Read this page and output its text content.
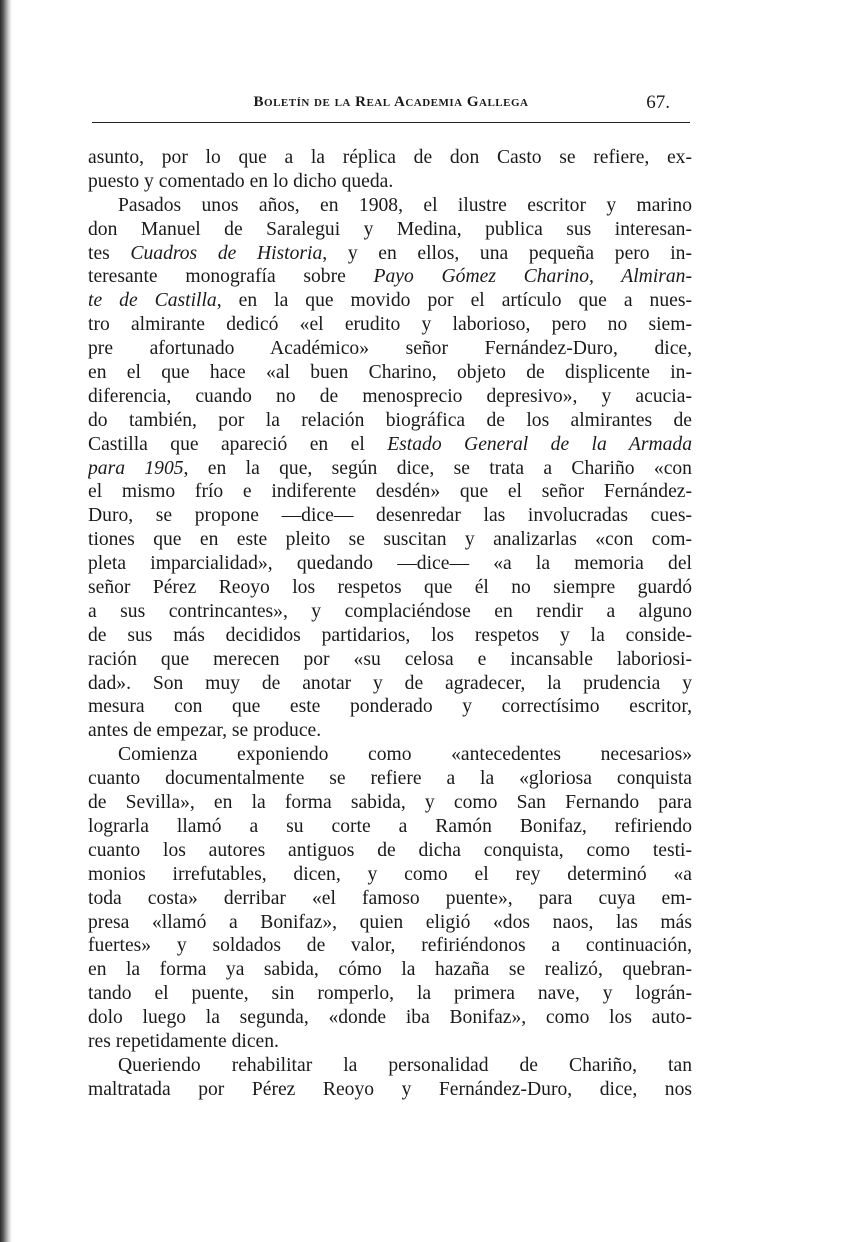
Boletín de la Real Academia Gallega	67.
asunto, por lo que a la réplica de don Casto se refiere, ex-
puesto y comentado en lo dicho queda.
Pasados unos años, en 1908, el ilustre escritor y marino
don Manuel de Saralegui y Medina, publica sus interesan-
tes Cuadros de Historia, y en ellos, una pequeña pero in-
teresante monografía sobre Payo Gómez Charino, Almiran-
te de Castilla, en la que movido por el artículo que a nues-
tro almirante dedicó «el erudito y laborioso, pero no siem-
pre afortunado Académico» señor Fernández-Duro, dice,
en el que hace «al buen Charino, objeto de displicente in-
diferencia, cuando no de menosprecio depresivo», y acucia-
do también, por la relación biográfica de los almirantes de
Castilla que apareció en el Estado General de la Armada
para 1905, en la que, según dice, se trata a Chariño «con
el mismo frío e indiferente desdén» que el señor Fernández-
Duro, se propone —dice— desenredar las involucradas cues-
tiones que en este pleito se suscitan y analizarlas «con com-
pleta imparcialidad», quedando —dice— «a la memoria del
señor Pérez Reoyo los respetos que él no siempre guardó
a sus contrincantes», y complaciéndose en rendir a alguno
de sus más decididos partidarios, los respetos y la conside-
ración que merecen por «su celosa e incansable laboriosi-
dad». Son muy de anotar y de agradecer, la prudencia y
mesura con que este ponderado y correctísimo escritor,
antes de empezar, se produce.
Comienza exponiendo como «antecedentes necesarios»
cuanto documentalmente se refiere a la «gloriosa conquista
de Sevilla», en la forma sabida, y como San Fernando para
lograrla llamó a su corte a Ramón Bonifaz, refiriendo
cuanto los autores antiguos de dicha conquista, como testi-
monios irrefutables, dicen, y como el rey determinó «a
toda costa» derribar «el famoso puente», para cuya em-
presa «llamó a Bonifaz», quien eligió «dos naos, las más
fuertes» y soldados de valor, refiriéndonos a continuación,
en la forma ya sabida, cómo la hazaña se realizó, quebran-
tando el puente, sin romperlo, la primera nave, y lográn-
dolo luego la segunda, «donde iba Bonifaz», como los auto-
res repetidamente dicen.
Queriendo rehabilitar la personalidad de Chariño, tan
maltratada por Pérez Reoyo y Fernández-Duro, dice, nos
